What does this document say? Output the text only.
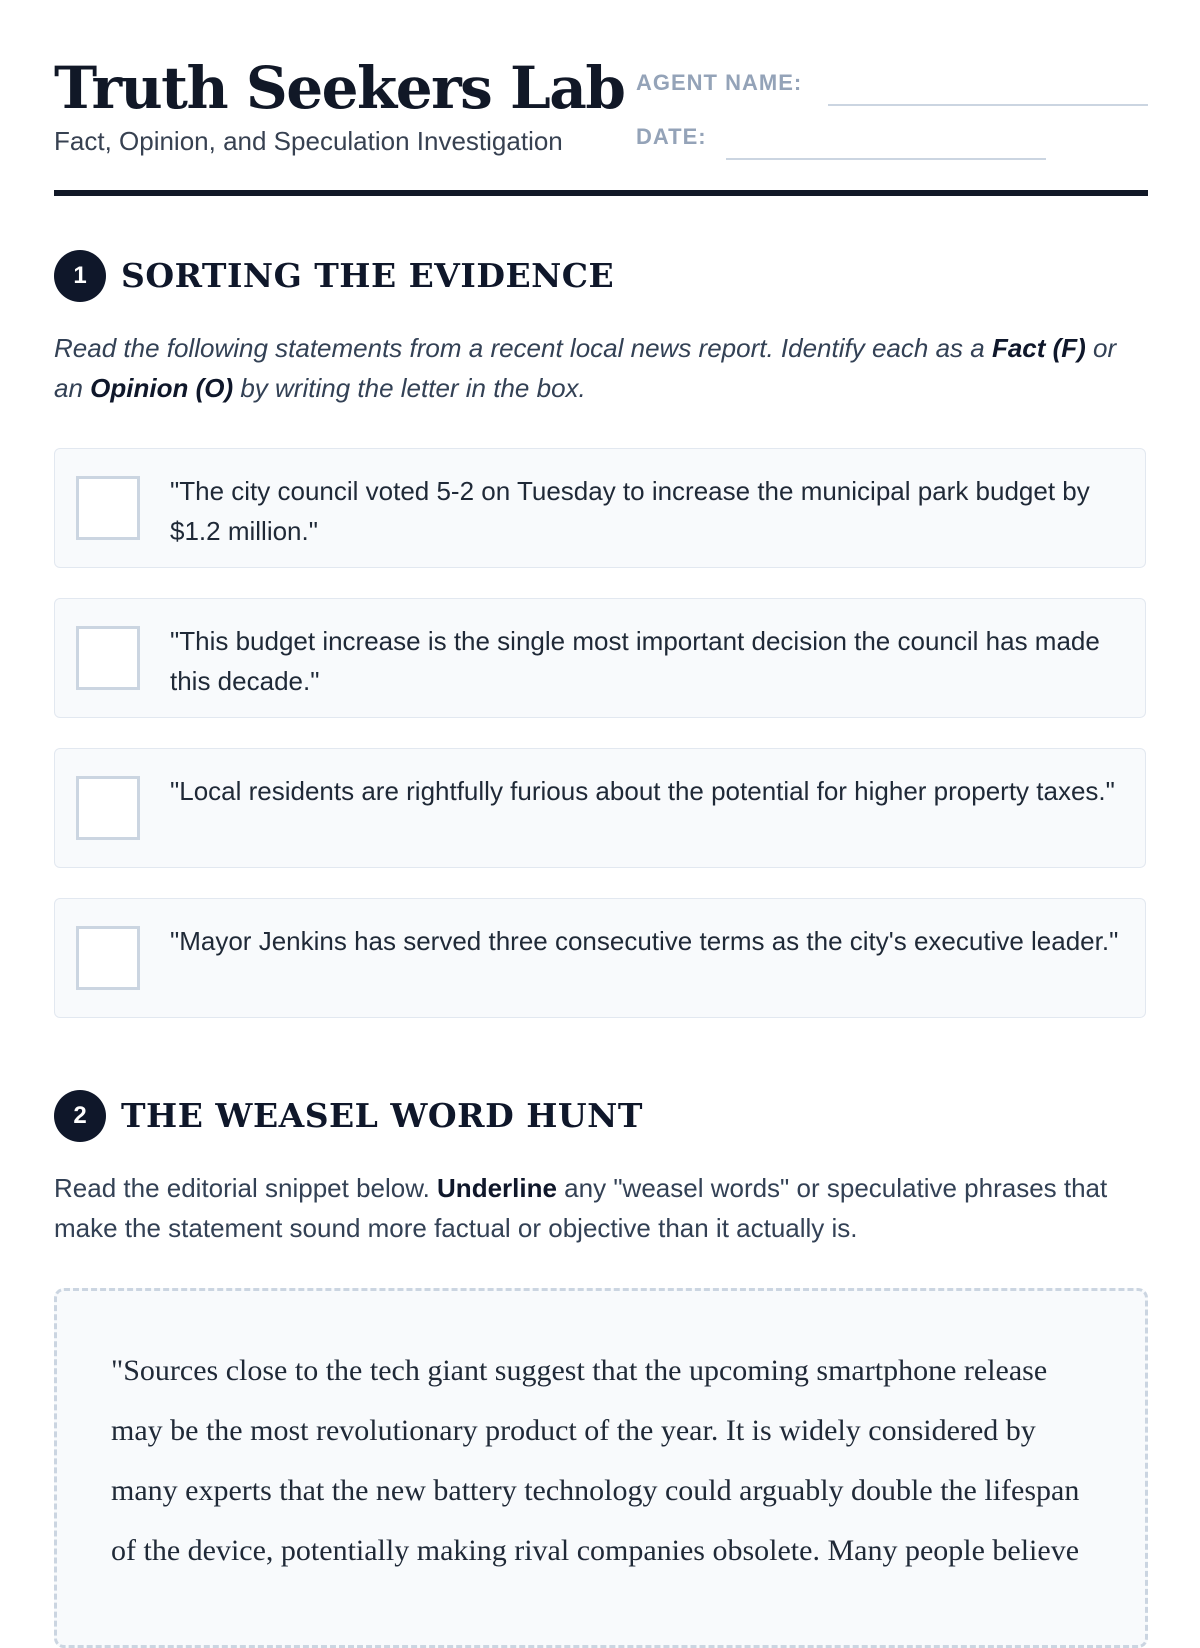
Truth Seekers Lab
Fact, Opinion, and Speculation Investigation
AGENT NAME:
DATE:
1	SORTING THE EVIDENCE

Read the following statements from a recent local news report. Identify each as a Fact (F) or an Opinion (O) by writing the letter in the box.

"The city council voted 5-2 on Tuesday to increase the municipal park budget by $1.2 million."
"This budget increase is the single most important decision the council has made this decade."
"Local residents are rightfully furious about the potential for higher property taxes."
"Mayor Jenkins has served three consecutive terms as the city's executive leader."
2	THE WEASEL WORD HUNT

Read the editorial snippet below. Underline any "weasel words" or speculative phrases that make the statement sound more factual or objective than it actually is.

"Sources close to the tech giant suggest that the upcoming smartphone release may be the most revolutionary product of the year. It is widely considered by many experts that the new battery technology could arguably double the lifespan of the device, potentially making rival companies obsolete. Many people believe
